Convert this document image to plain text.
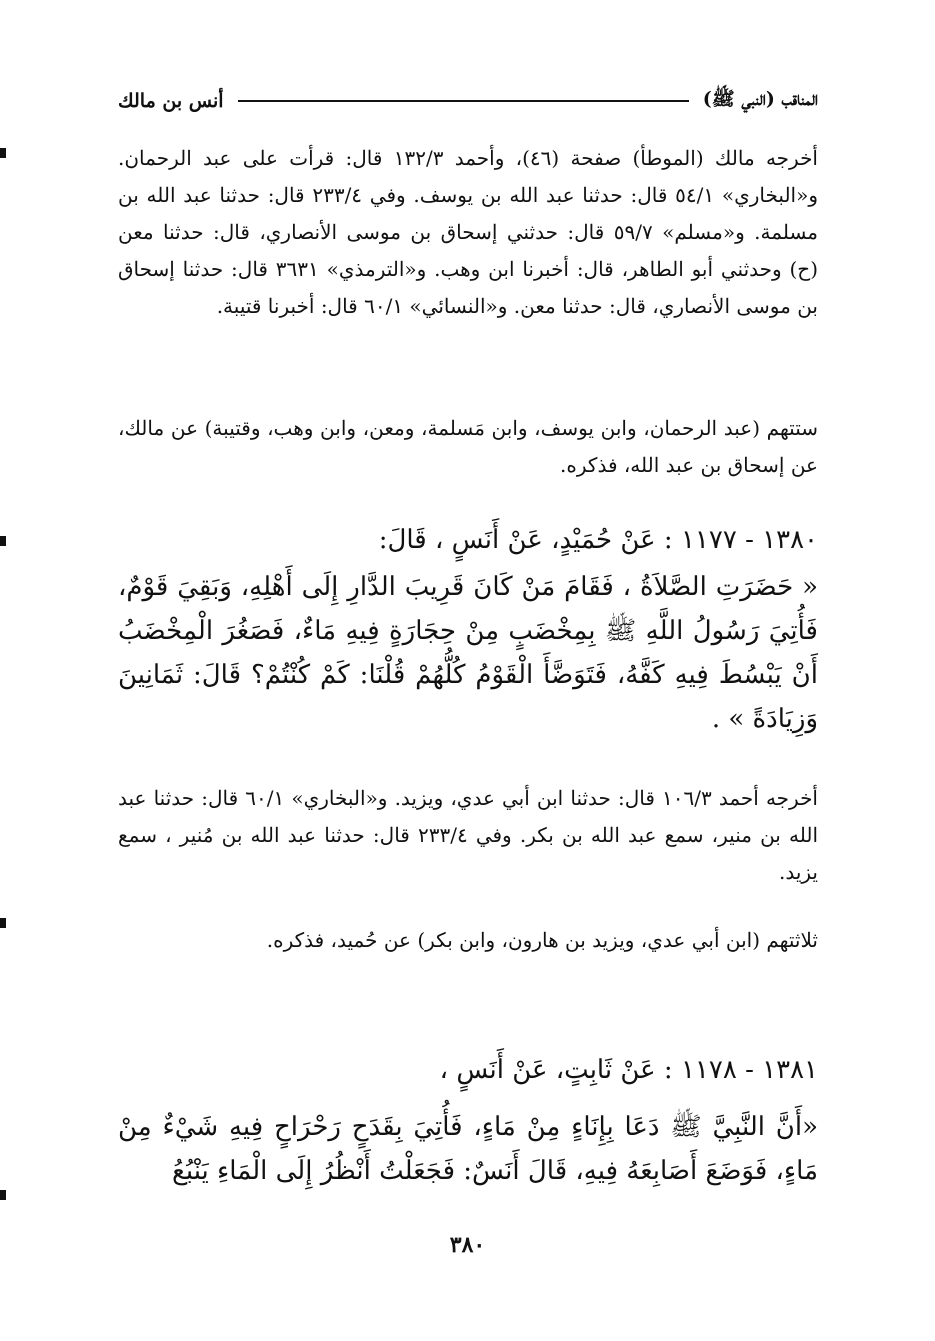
المناقب (النبي ﷺ)
أنس بن مالك
أخرجه مالك (الموطأ) صفحة (٤٦)، وأحمد ١٣٢/٣ قال: قرأت على عبد الرحمان. و«البخاري» ٥٤/١ قال: حدثنا عبد الله بن يوسف. وفي ٢٣٣/٤ قال: حدثنا عبد الله بن مسلمة. و«مسلم» ٥٩/٧ قال: حدثني إسحاق بن موسى الأنصاري، قال: حدثنا معن (ح) وحدثني أبو الطاهر، قال: أخبرنا ابن وهب. و«الترمذي» ٣٦٣١ قال: حدثنا إسحاق بن موسى الأنصاري، قال: حدثنا معن. و«النسائي» ٦٠/١ قال: أخبرنا قتيبة.
ستتهم (عبد الرحمان، وابن يوسف، وابن مَسلمة، ومعن، وابن وهب، وقتيبة) عن مالك، عن إسحاق بن عبد الله، فذكره.
١٣٨٠ - ١١٧٧ : عَنْ حُمَيْدٍ، عَنْ أَنَسٍ ، قَالَ:
« حَضَرَتِ الصَّلاَةُ ، فَقَامَ مَنْ كَانَ قَرِيبَ الدَّارِ إِلَى أَهْلِهِ، وَبَقِيَ قَوْمٌ، فَأُتِيَ رَسُولُ اللَّهِ ﷺ بِمِخْضَبٍ مِنْ حِجَارَةٍ فِيهِ مَاءٌ، فَصَغُرَ الْمِخْضَبُ أَنْ يَبْسُطَ فِيهِ كَفَّهُ، فَتَوَضَّأَ الْقَوْمُ كُلُّهُمْ قُلْنَا: كَمْ كُنْتُمْ؟ قَالَ: ثَمَانِينَ وَزِيَادَةً » .
أخرجه أحمد ١٠٦/٣ قال: حدثنا ابن أبي عدي، ويزيد. و«البخاري» ٦٠/١ قال: حدثنا عبد الله بن منير، سمع عبد الله بن بكر. وفي ٢٣٣/٤ قال: حدثنا عبد الله بن مُنير ، سمع يزيد.
ثلاثتهم (ابن أبي عدي، ويزيد بن هارون، وابن بكر) عن حُميد، فذكره.
١٣٨١ - ١١٧٨ : عَنْ ثَابِتٍ، عَنْ أَنَسٍ ،
«أَنَّ النَّبِيَّ ﷺ دَعَا بِإِنَاءٍ مِنْ مَاءٍ، فَأُتِيَ بِقَدَحٍ رَحْرَاحٍ فِيهِ شَيْءٌ مِنْ مَاءٍ، فَوَضَعَ أَصَابِعَهُ فِيهِ، قَالَ أَنَسٌ: فَجَعَلْتُ أَنْظُرُ إِلَى الْمَاءِ يَنْبُعُ
٣٨٠
